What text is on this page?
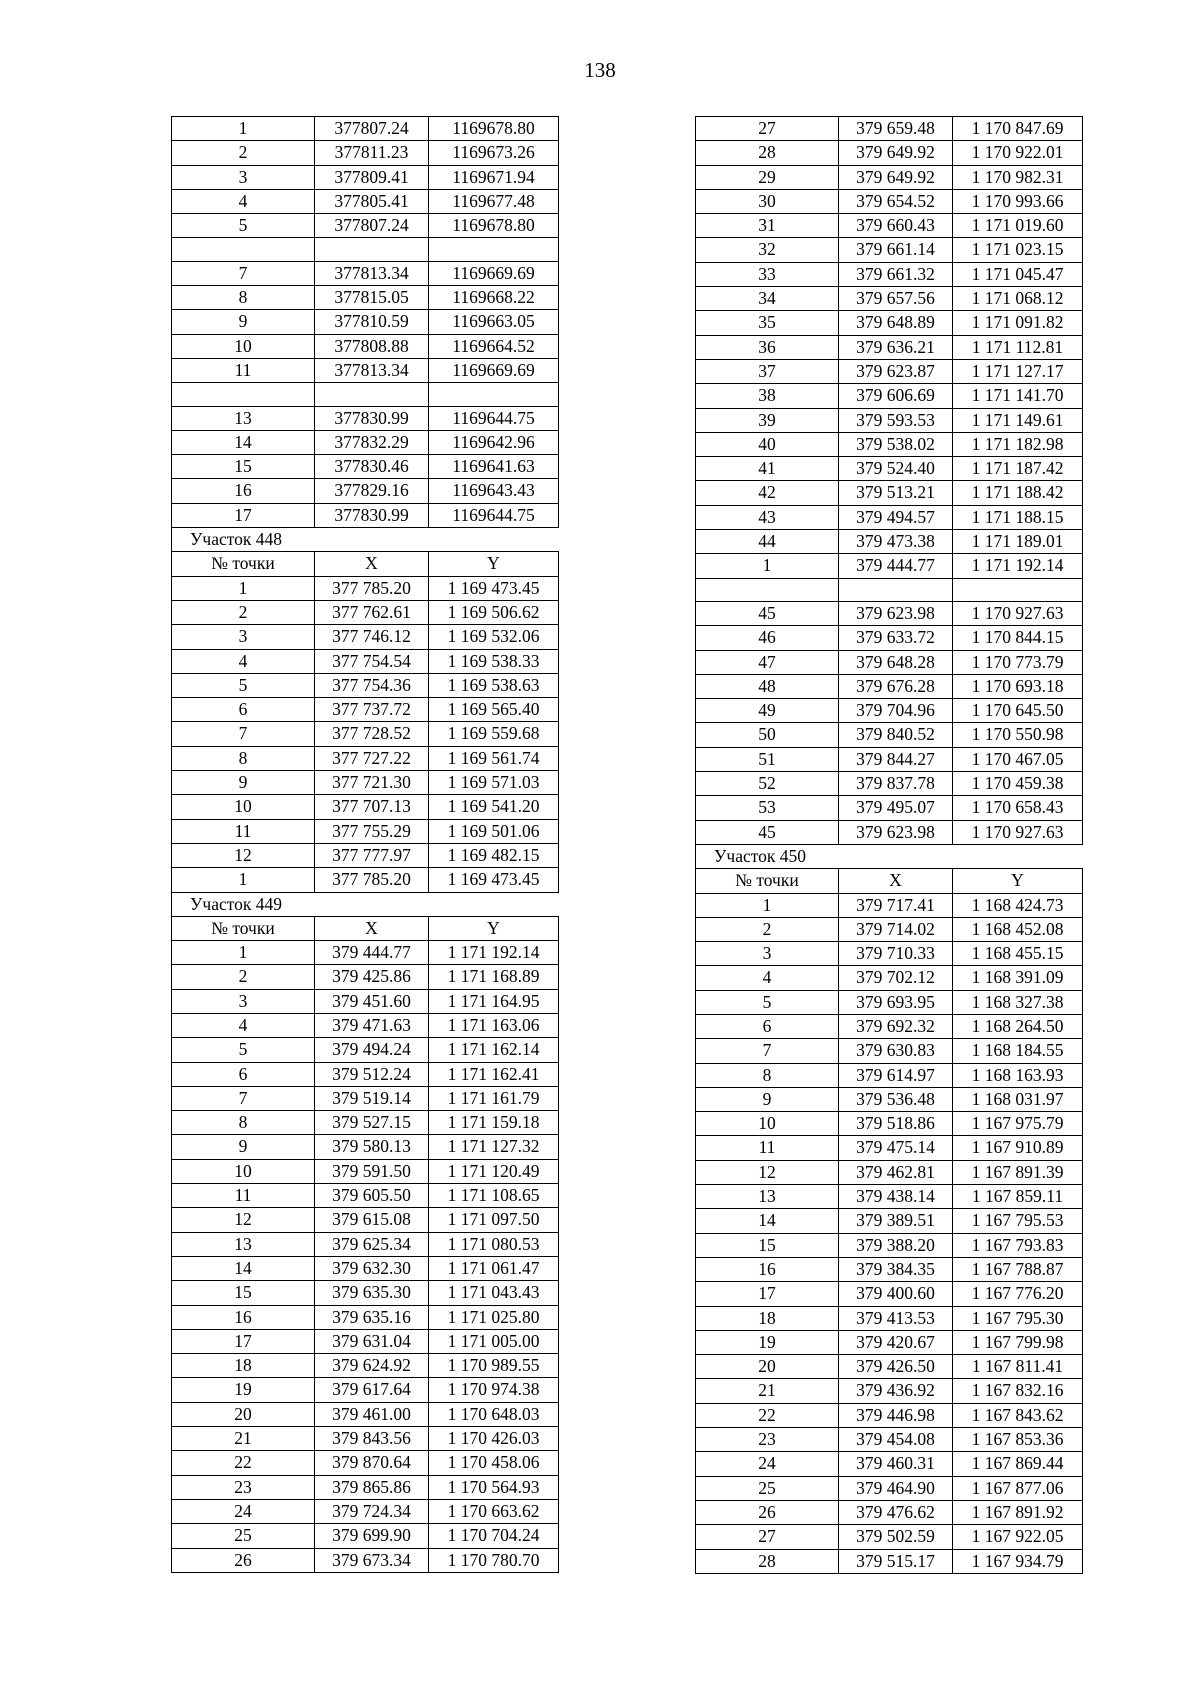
138
1	377807.24	1169678.80
2	377811.23	1169673.26
3	377809.41	1169671.94
4	377805.41	1169677.48
5	377807.24	1169678.80

7	377813.34	1169669.69
8	377815.05	1169668.22
9	377810.59	1169663.05
10	377808.88	1169664.52
11	377813.34	1169669.69

13	377830.99	1169644.75
14	377832.29	1169642.96
15	377830.46	1169641.63
16	377829.16	1169643.43
17	377830.99	1169644.75
Участок 448		
№ точки	X	Y
1	377 785.20	1 169 473.45
2	377 762.61	1 169 506.62
3	377 746.12	1 169 532.06
4	377 754.54	1 169 538.33
5	377 754.36	1 169 538.63
6	377 737.72	1 169 565.40
7	377 728.52	1 169 559.68
8	377 727.22	1 169 561.74
9	377 721.30	1 169 571.03
10	377 707.13	1 169 541.20
11	377 755.29	1 169 501.06
12	377 777.97	1 169 482.15
1	377 785.20	1 169 473.45
Участок 449		
№ точки	X	Y
1	379 444.77	1 171 192.14
2	379 425.86	1 171 168.89
3	379 451.60	1 171 164.95
4	379 471.63	1 171 163.06
5	379 494.24	1 171 162.14
6	379 512.24	1 171 162.41
7	379 519.14	1 171 161.79
8	379 527.15	1 171 159.18
9	379 580.13	1 171 127.32
10	379 591.50	1 171 120.49
11	379 605.50	1 171 108.65
12	379 615.08	1 171 097.50
13	379 625.34	1 171 080.53
14	379 632.30	1 171 061.47
15	379 635.30	1 171 043.43
16	379 635.16	1 171 025.80
17	379 631.04	1 171 005.00
18	379 624.92	1 170 989.55
19	379 617.64	1 170 974.38
20	379 461.00	1 170 648.03
21	379 843.56	1 170 426.03
22	379 870.64	1 170 458.06
23	379 865.86	1 170 564.93
24	379 724.34	1 170 663.62
25	379 699.90	1 170 704.24
26	379 673.34	1 170 780.70
27	379 659.48	1 170 847.69
28	379 649.92	1 170 922.01
29	379 649.92	1 170 982.31
30	379 654.52	1 170 993.66
31	379 660.43	1 171 019.60
32	379 661.14	1 171 023.15
33	379 661.32	1 171 045.47
34	379 657.56	1 171 068.12
35	379 648.89	1 171 091.82
36	379 636.21	1 171 112.81
37	379 623.87	1 171 127.17
38	379 606.69	1 171 141.70
39	379 593.53	1 171 149.61
40	379 538.02	1 171 182.98
41	379 524.40	1 171 187.42
42	379 513.21	1 171 188.42
43	379 494.57	1 171 188.15
44	379 473.38	1 171 189.01
1	379 444.77	1 171 192.14

45	379 623.98	1 170 927.63
46	379 633.72	1 170 844.15
47	379 648.28	1 170 773.79
48	379 676.28	1 170 693.18
49	379 704.96	1 170 645.50
50	379 840.52	1 170 550.98
51	379 844.27	1 170 467.05
52	379 837.78	1 170 459.38
53	379 495.07	1 170 658.43
45	379 623.98	1 170 927.63
Участок 450		
№ точки	X	Y
1	379 717.41	1 168 424.73
2	379 714.02	1 168 452.08
3	379 710.33	1 168 455.15
4	379 702.12	1 168 391.09
5	379 693.95	1 168 327.38
6	379 692.32	1 168 264.50
7	379 630.83	1 168 184.55
8	379 614.97	1 168 163.93
9	379 536.48	1 168 031.97
10	379 518.86	1 167 975.79
11	379 475.14	1 167 910.89
12	379 462.81	1 167 891.39
13	379 438.14	1 167 859.11
14	379 389.51	1 167 795.53
15	379 388.20	1 167 793.83
16	379 384.35	1 167 788.87
17	379 400.60	1 167 776.20
18	379 413.53	1 167 795.30
19	379 420.67	1 167 799.98
20	379 426.50	1 167 811.41
21	379 436.92	1 167 832.16
22	379 446.98	1 167 843.62
23	379 454.08	1 167 853.36
24	379 460.31	1 167 869.44
25	379 464.90	1 167 877.06
26	379 476.62	1 167 891.92
27	379 502.59	1 167 922.05
28	379 515.17	1 167 934.79
